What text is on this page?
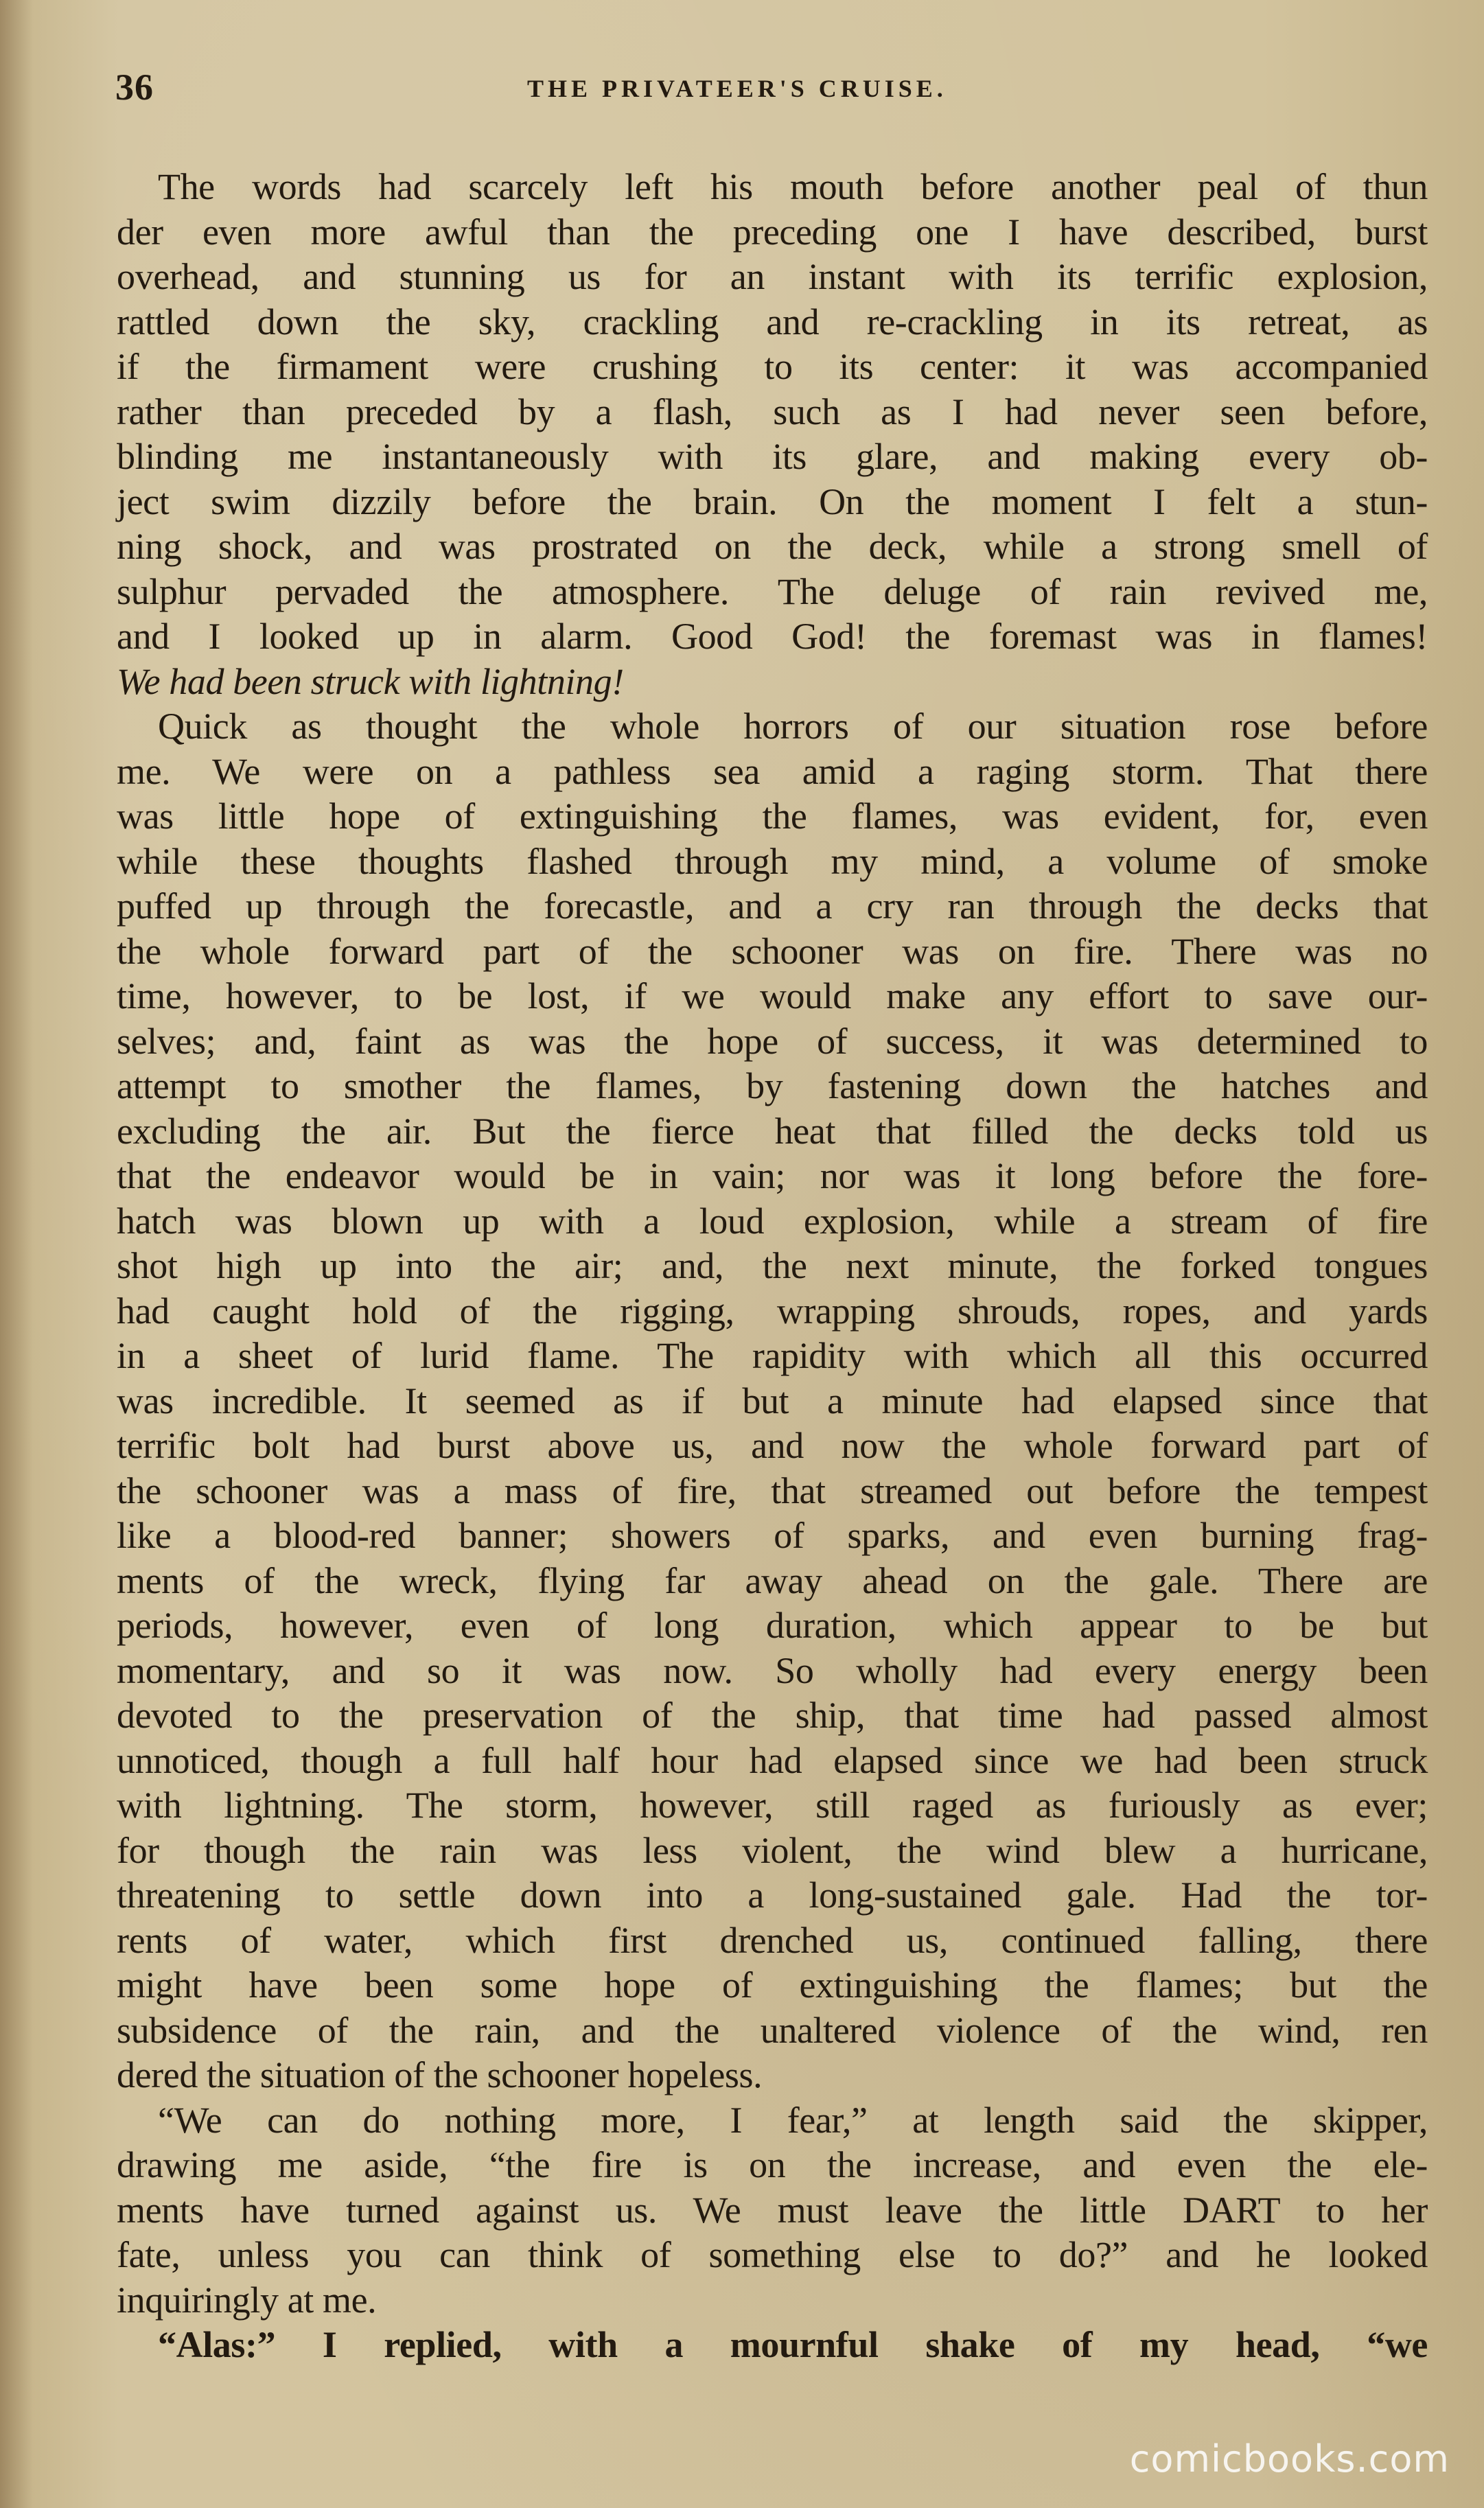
36	THE PRIVATEER'S CRUISE.
The words had scarcely left his mouth before another peal of thun
der even more awful than the preceding one I have described, burst
overhead, and stunning us for an instant with its terrific explosion,
rattled down the sky, crackling and re-crackling in its retreat, as
if the firmament were crushing to its center: it was accompanied
rather than preceded by a flash, such as I had never seen before,
blinding me instantaneously with its glare, and making every ob-
ject swim dizzily before the brain. On the moment I felt a stun-
ning shock, and was prostrated on the deck, while a strong smell of
sulphur pervaded the atmosphere. The deluge of rain revived me,
and I looked up in alarm. Good God! the foremast was in flames!
We had been struck with lightning!
Quick as thought the whole horrors of our situation rose before
me. We were on a pathless sea amid a raging storm. That there
was little hope of extinguishing the flames, was evident, for, even
while these thoughts flashed through my mind, a volume of smoke
puffed up through the forecastle, and a cry ran through the decks that
the whole forward part of the schooner was on fire. There was no
time, however, to be lost, if we would make any effort to save our-
selves; and, faint as was the hope of success, it was determined to
attempt to smother the flames, by fastening down the hatches and
excluding the air. But the fierce heat that filled the decks told us
that the endeavor would be in vain; nor was it long before the fore-
hatch was blown up with a loud explosion, while a stream of fire
shot high up into the air; and, the next minute, the forked tongues
had caught hold of the rigging, wrapping shrouds, ropes, and yards
in a sheet of lurid flame. The rapidity with which all this occurred
was incredible. It seemed as if but a minute had elapsed since that
terrific bolt had burst above us, and now the whole forward part of
the schooner was a mass of fire, that streamed out before the tempest
like a blood-red banner; showers of sparks, and even burning frag-
ments of the wreck, flying far away ahead on the gale. There are
periods, however, even of long duration, which appear to be but
momentary, and so it was now. So wholly had every energy been
devoted to the preservation of the ship, that time had passed almost
unnoticed, though a full half hour had elapsed since we had been struck
with lightning. The storm, however, still raged as furiously as ever;
for though the rain was less violent, the wind blew a hurricane,
threatening to settle down into a long-sustained gale. Had the tor-
rents of water, which first drenched us, continued falling, there
might have been some hope of extinguishing the flames; but the
subsidence of the rain, and the unaltered violence of the wind, ren
dered the situation of the schooner hopeless.
“We can do nothing more, I fear,” at length said the skipper,
drawing me aside, “the fire is on the increase, and even the ele-
ments have turned against us. We must leave the little DART to her
fate, unless you can think of something else to do?” and he looked
inquiringly at me.
“Alas:” I replied, with a mournful shake of my head, “we
comicbooks.com
